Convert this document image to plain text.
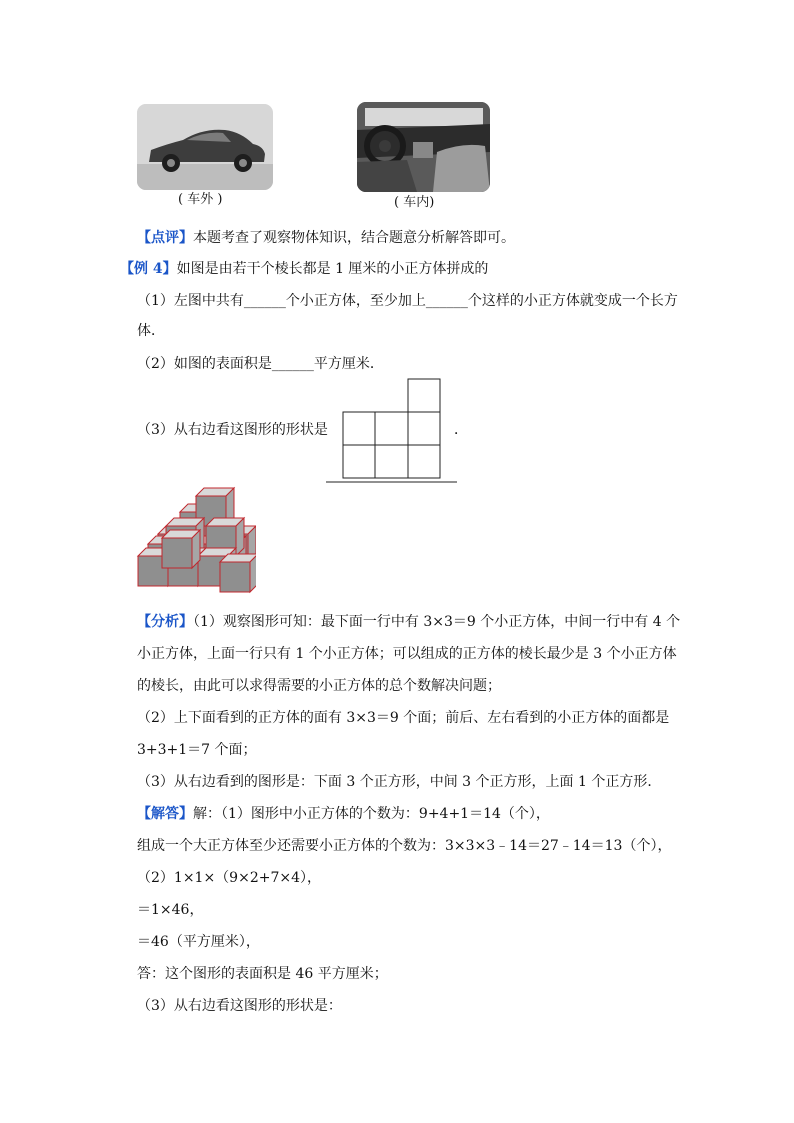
( 车外 )	( 车内)
【点评】本题考查了观察物体知识，结合题意分析解答即可。
【例 4】如图是由若干个棱长都是 1 厘米的小正方体拼成的
（1）左图中共有______个小正方体，至少加上______个这样的小正方体就变成一个长方
体．
（2）如图的表面积是______平方厘米．
（3）从右边看这图形的形状是	．
【分析】（1）观察图形可知：最下面一行中有 3×3＝9 个小正方体，中间一行中有 4 个
小正方体，上面一行只有 1 个小正方体；可以组成的正方体的棱长最少是 3 个小正方体
的棱长，由此可以求得需要的小正方体的总个数解决问题；
（2）上下面看到的正方体的面有 3×3＝9 个面；前后、左右看到的小正方体的面都是
3+3+1＝7 个面；
（3）从右边看到的图形是：下面 3 个正方形，中间 3 个正方形，上面 1 个正方形．
【解答】解：（1）图形中小正方体的个数为：9+4+1＝14（个），
组成一个大正方体至少还需要小正方体的个数为：3×3×3﹣14＝27﹣14＝13（个），
（2）1×1×（9×2+7×4），
＝1×46，
＝46（平方厘米），
答：这个图形的表面积是 46 平方厘米；
（3）从右边看这图形的形状是：
